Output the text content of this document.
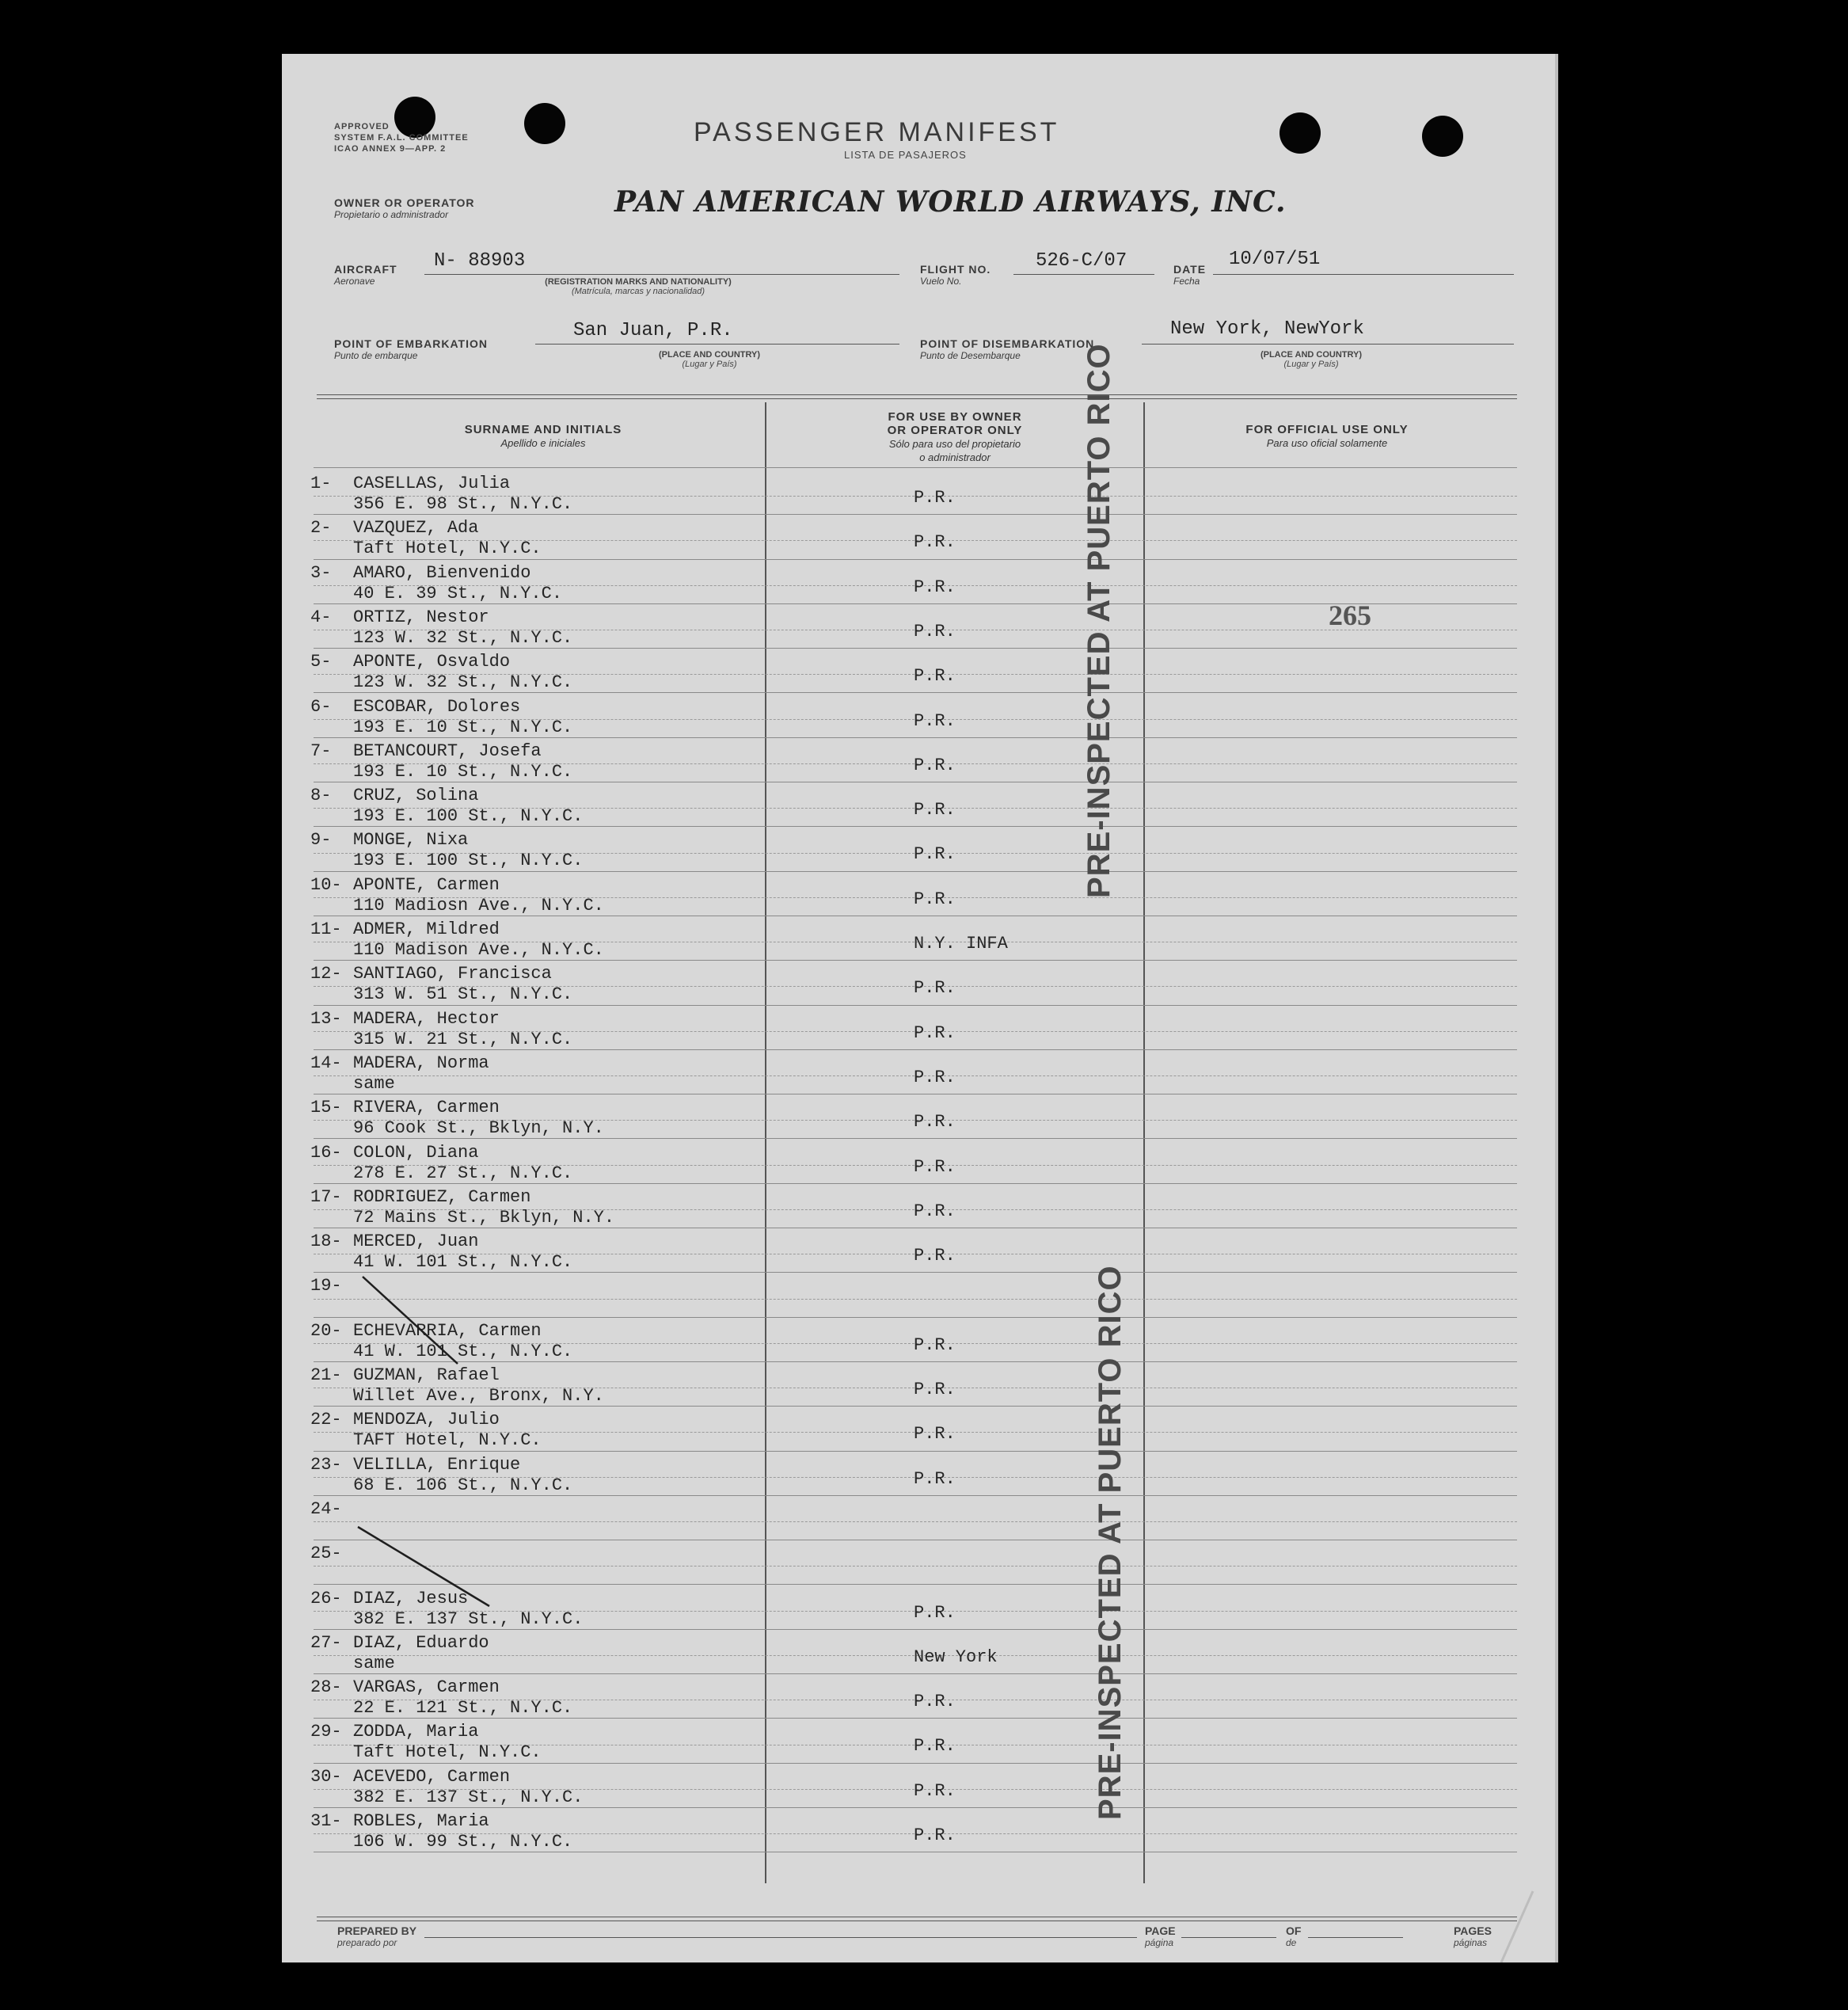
APPROVED
SYSTEM F.A.L. COMMITTEE
ICAO ANNEX 9—APP. 2
PASSENGER MANIFEST
LISTA DE PASAJEROS
OWNER OR OPERATOR
Propietario o administrador	PAN AMERICAN WORLD AIRWAYS, INC.
AIRCRAFT
Aeronave
N- 88903
(REGISTRATION MARKS AND NATIONALITY)
(Matrícula, marcas y nacionalidad)
FLIGHT NO.
Vuelo No.
526-C/07	DATE
Fecha
10/07/51
POINT OF EMBARKATION
Punto de embarque
San Juan, P.R.
(PLACE AND COUNTRY)
(Lugar y País)
POINT OF DISEMBARKATION
Punto de Desembarque
New York, NewYork
(PLACE AND COUNTRY)
(Lugar y País)
SURNAME AND INITIALS
Apellido e iniciales
FOR USE BY OWNER
OR OPERATOR ONLY
Sólo para uso del propietario
o administrador
FOR OFFICIAL USE ONLY
Para uso oficial solamente
1- CASELLAS, Julia
356 E. 98 St., N.Y.C.	P.R.
2- VAZQUEZ, Ada
Taft Hotel, N.Y.C.	P.R.
3- AMARO, Bienvenido
40 E. 39 St., N.Y.C.	P.R.
4- ORTIZ, Nestor
123 W. 32 St., N.Y.C.	P.R.
5- APONTE, Osvaldo
123 W. 32 St., N.Y.C.	P.R.
6- ESCOBAR, Dolores
193 E. 10 St., N.Y.C.	P.R.
7- BETANCOURT, Josefa
193 E. 10 St., N.Y.C.	P.R.
8- CRUZ, Solina
193 E. 100 St., N.Y.C.	P.R.
9- MONGE, Nixa
193 E. 100 St., N.Y.C.	P.R.
10- APONTE, Carmen
110 Madiosn Ave., N.Y.C.	P.R.
11- ADMER, Mildred
110 Madison Ave., N.Y.C.	N.Y. INFA
12- SANTIAGO, Francisca
313 W. 51 St., N.Y.C.	P.R.
13- MADERA, Hector
315 W. 21 St., N.Y.C.	P.R.
14- MADERA, Norma
same	P.R.
15- RIVERA, Carmen
96 Cook St., Bklyn, N.Y.	P.R.
16- COLON, Diana
278 E. 27 St., N.Y.C.	P.R.
17- RODRIGUEZ, Carmen
72 Mains St., Bklyn, N.Y.	P.R.
18- MERCED, Juan
41 W. 101 St., N.Y.C.	P.R.
19-
20- ECHEVARRIA, Carmen
41 W. 101 St., N.Y.C.	P.R.
21- GUZMAN, Rafael
Willet Ave., Bronx, N.Y.	P.R.
22- MENDOZA, Julio
TAFT Hotel, N.Y.C.	P.R.
23- VELILLA, Enrique
68 E. 106 St., N.Y.C.	P.R.
24-
25-
26- DIAZ, Jesus
382 E. 137 St., N.Y.C.	P.R.
27- DIAZ, Eduardo
same	New York
28- VARGAS, Carmen
22 E. 121 St., N.Y.C.	P.R.
29- ZODDA, Maria
Taft Hotel, N.Y.C.	P.R.
30- ACEVEDO, Carmen
382 E. 137 St., N.Y.C.	P.R.
31- ROBLES, Maria
106 W. 99 St., N.Y.C.	P.R.
PRE-INSPECTED AT PUERTO RICO
PRE-INSPECTED AT PUERTO RICO
265
PREPARED BY
preparado por
PAGE
página
OF
de
PAGES
páginas
